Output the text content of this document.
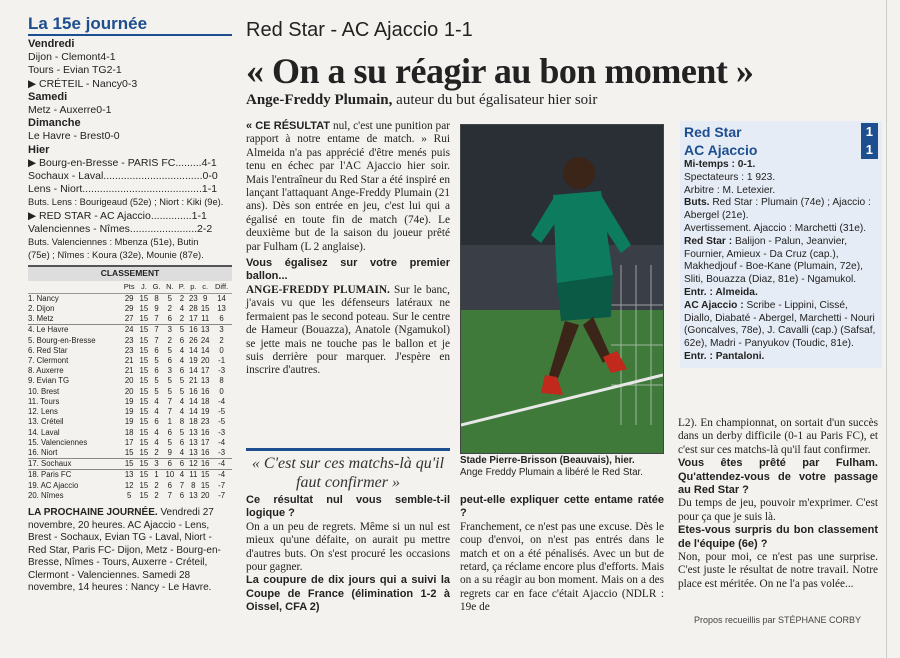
La 15e journée
Vendredi
Dijon - Clemont4-1
Tours - Evian TG2-1
▶ CRÉTEIL - Nancy0-3
Samedi
Metz - Auxerre0-1
Dimanche
Le Havre - Brest0-0
Hier
▶ Bourg-en-Bresse - PARIS FC.........4-1
Sochaux - Laval..................................0-0
Lens - Niort.........................................1-1
Buts. Lens : Bourigeaud (52e) ; Niort : Kiki (9e).
▶ RED STAR - AC Ajaccio..............1-1
Valenciennes - Nîmes.......................2-2
Buts. Valenciennes : Mbenza (51e), Butin
(75e) ; Nîmes : Koura (32e), Mounie (87e).
CLASSEMENT
	Pts	J.	G.	N.	P.	p.	c.	Diff.
1. Nancy	29	15	8	5	2	23	9	14
2. Dijon	29	15	9	2	4	28	15	13
3. Metz	27	15	7	6	2	17	11	6
4. Le Havre	24	15	7	3	5	16	13	3
5. Bourg-en-Bresse	23	15	7	2	6	26	24	2
6. Red Star	23	15	6	5	4	14	14	0
7. Clermont	21	15	5	6	4	19	20	-1
8. Auxerre	21	15	6	3	6	14	17	-3
9. Evian TG	20	15	5	5	5	21	13	8
10. Brest	20	15	5	5	5	16	16	0
11. Tours	19	15	4	7	4	14	18	-4
12. Lens	19	15	4	7	4	14	19	-5
13. Créteil	19	15	6	1	8	18	23	-5
14. Laval	18	15	4	6	5	13	16	-3
15. Valenciennes	17	15	4	5	6	13	17	-4
16. Niort	15	15	2	9	4	13	16	-3
17. Sochaux	15	15	3	6	6	12	16	-4
18. Paris FC	13	15	1	10	4	11	15	-4
19. AC Ajaccio	12	15	2	6	7	8	15	-7
20. Nîmes	5	15	2	7	6	13	20	-7
LA PROCHAINE JOURNÉE. Vendredi 27 novembre, 20 heures. AC Ajaccio - Lens, Brest - Sochaux, Evian TG - Laval, Niort - Red Star, Paris FC- Dijon, Metz - Bourg-en-Bresse, Nîmes - Tours, Auxerre - Créteil, Clermont - Valenciennes. Samedi 28 novembre, 14 heures : Nancy - Le Havre.
Red Star - AC Ajaccio 1-1
« On a su réagir au bon moment »
Ange-Freddy Plumain, auteur du but égalisateur hier soir
« CE RÉSULTAT nul, c'est une punition par rapport à notre entame de match. » Rui Almeida n'a pas apprécié d'être menés puis tenu en échec par l'AC Ajaccio hier soir. Mais l'entraîneur du Red Star a été inspiré en lançant l'attaquant Ange-Freddy Plumain (21 ans). Dès son entrée en jeu, c'est lui qui a égalisé en toute fin de match (74e). Le deuxième but de la saison du joueur prêté par Fulham (L 2 anglaise).
Vous égalisez sur votre premier ballon...
ANGE-FREDDY PLUMAIN. Sur le banc, j'avais vu que les défenseurs latéraux ne fermaient pas le second poteau. Sur le centre de Hameur (Bouazza), Anatole (Ngamukol) se jette mais ne touche pas le ballon et je suis derrière pour marquer. J'espère en inscrire d'autres.
« C'est sur ces matchs-là qu'il faut confirmer »
Ce résultat nul vous semble-t-il logique ?
On a un peu de regrets. Même si un nul est mieux qu'une défaite, on aurait pu mettre d'autres buts. On s'est procuré les occasions pour gagner.
La coupure de dix jours qui a suivi la Coupe de France (élimination 1-2 à Oissel, CFA 2)
Stade Pierre-Brisson (Beauvais), hier.
Ange Freddy Plumain a libéré le Red Star.
peut-elle expliquer cette entame ratée ?
Franchement, ce n'est pas une excuse. Dès le coup d'envoi, on n'est pas entrés dans le match et on a été pénalisés. Avec un but de retard, ça réclame encore plus d'efforts. Mais on a su réagir au bon moment. Mais on a des regrets car en face c'était Ajaccio (NDLR : 19e de
Red Star	1
AC Ajaccio	1
Mi-temps : 0-1.
Spectateurs : 1 923.
Arbitre : M. Letexier.
Buts. Red Star : Plumain (74e) ; Ajaccio : Abergel (21e).
Avertissement. Ajaccio : Marchetti (31e).
Red Star : Balijon - Palun, Jeanvier, Fournier, Amieux - Da Cruz (cap.), Makhedjouf - Boe-Kane (Plumain, 72e), Sliti, Bouazza (Diaz, 81e) - Ngamukol. Entr. : Almeida.
AC Ajaccio : Scribe - Lippini, Cissé, Diallo, Diabaté - Abergel, Marchetti - Nouri (Goncalves, 78e), J. Cavalli (cap.) (Safsaf, 62e), Madri - Panyukov (Toudic, 81e). Entr. : Pantaloni.
L2). En championnat, on sortait d'un succès dans un derby difficile (0-1 au Paris FC), et c'est sur ces matchs-là qu'il faut confirmer.
Vous êtes prêté par Fulham. Qu'attendez-vous de votre passage au Red Star ?
Du temps de jeu, pouvoir m'exprimer. C'est pour ça que je suis là.
Etes-vous surpris du bon classement de l'équipe (6e) ?
Non, pour moi, ce n'est pas une surprise. C'est juste le résultat de notre travail. Notre place est méritée. On ne l'a pas volée...
Propos recueillis par STÉPHANE CORBY
